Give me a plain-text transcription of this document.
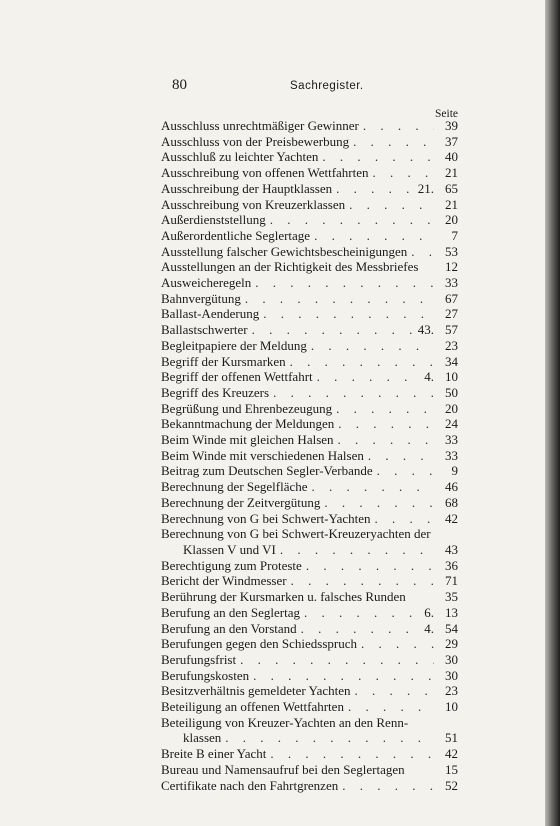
80	Sachregister.
Seite
Ausschluss unrechtmäßiger Gewinner . . .	39
Ausschluss von der Preisbewerbung . . .	37
Ausschluß zu leichter Yachten . . .	40
Ausschreibung von offenen Wettfahrten . . .	21
Ausschreibung der Hauptklassen . . .	21. 65
Ausschreibung von Kreuzerklassen . . .	21
Außerdienststellung . . .	20
Außerordentliche Seglertage . . .	7
Ausstellung falscher Gewichtsbescheinigungen . . .	53
Ausstellungen an der Richtigkeit des Messbriefes	12
Ausweicheregeln . . .	33
Bahnvergütung . . .	67
Ballast-Aenderung . . .	27
Ballastschwerter . . .	43. 57
Begleitpapiere der Meldung . . .	23
Begriff der Kursmarken . . .	34
Begriff der offenen Wettfahrt . . .	4. 10
Begriff des Kreuzers . . .	50
Begrüßung und Ehrenbezeugung . . .	20
Bekanntmachung der Meldungen . . .	24
Beim Winde mit gleichen Halsen . . .	33
Beim Winde mit verschiedenen Halsen . . .	33
Beitrag zum Deutschen Segler-Verbande . . .	9
Berechnung der Segelfläche . . .	46
Berechnung der Zeitvergütung . . .	68
Berechnung von G bei Schwert-Yachten . . .	42
Berechnung von G bei Schwert-Kreuzeryachten der
Klassen V und VI . . .	43
Berechtigung zum Proteste . . .	36
Bericht der Windmesser . . .	71
Berührung der Kursmarken u. falsches Runden	35
Berufung an den Seglertag . . .	6. 13
Berufung an den Vorstand . . .	4. 54
Berufungen gegen den Schiedsspruch . . .	29
Berufungsfrist . . .	30
Berufungskosten . . .	30
Besitzverhältnis gemeldeter Yachten . . .	23
Beteiligung an offenen Wettfahrten . . .	10
Beteiligung von Kreuzer-Yachten an den Renn-
klassen . . .	51
Breite B einer Yacht . . .	42
Bureau und Namensaufruf bei den Seglertagen	15
Certifikate nach den Fahrtgrenzen . . .	52
